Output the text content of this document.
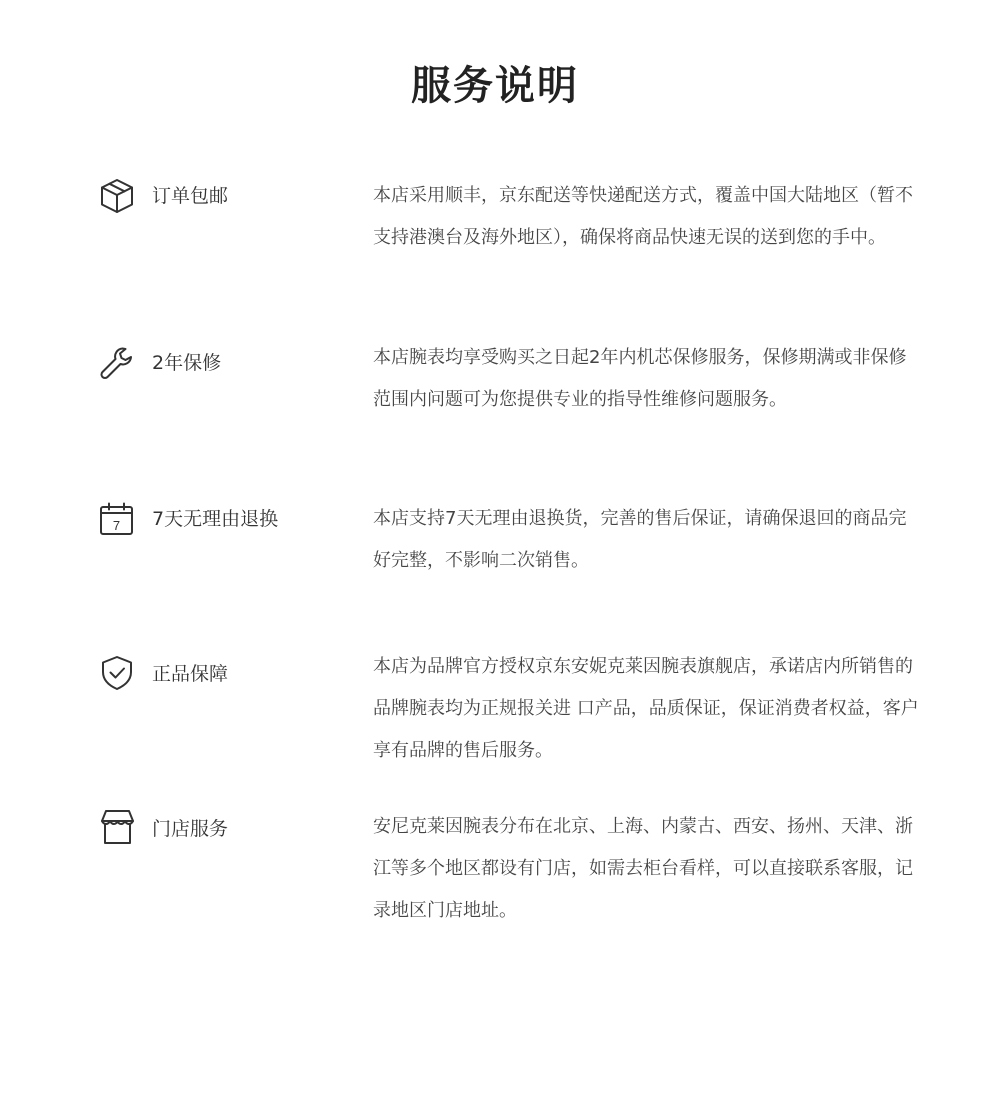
服务说明
订单包邮	本店采用顺丰，京东配送等快递配送方式，覆盖中国大陆地区（暂不支持港澳台及海外地区），确保将商品快速无误的送到您的手中。

2年保修	本店腕表均享受购买之日起2年内机芯保修服务，保修期满或非保修范围内问题可为您提供专业的指导性维修问题服务。

7 7天无理由退换	本店支持7天无理由退换货，完善的售后保证，请确保退回的商品完好完整，不影响二次销售。

正品保障	本店为品牌官方授权京东安妮克莱因腕表旗舰店，承诺店内所销售的品牌腕表均为正规报关进 口产品，品质保证，保证消费者权益，客户享有品牌的售后服务。

门店服务	安尼克莱因腕表分布在北京、上海、内蒙古、西安、扬州、天津、浙江等多个地区都设有门店，如需去柜台看样，可以直接联系客服，记录地区门店地址。
